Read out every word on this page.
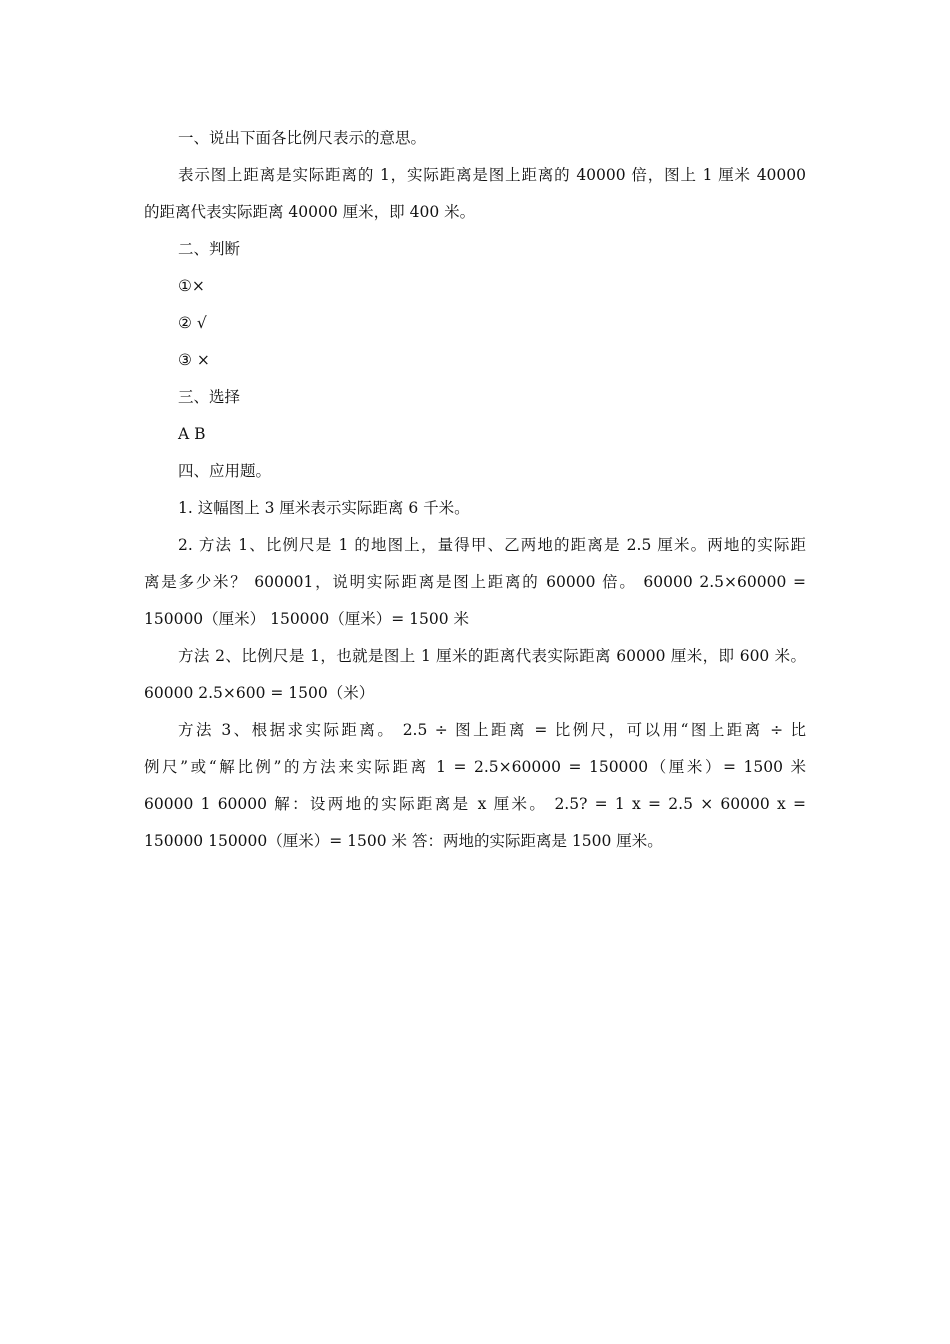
一、说出下面各比例尺表示的意思。
表示图上距离是实际距离的 1，实际距离是图上距离的 40000 倍，图上 1 厘米 40000
的距离代表实际距离 40000 厘米，即 400 米。
二、判断
①×
② √
③ ×
三、选择
A B
四、应用题。
1. 这幅图上 3 厘米表示实际距离 6 千米。
2. 方法 1、比例尺是 1 的地图上，量得甲、乙两地的距离是 2.5 厘米。两地的实际距
离是多少米？ 600001，说明实际距离是图上距离的 60000 倍。 60000 2.5×60000 =
150000（厘米） 150000（厘米）= 1500 米
方法 2、比例尺是 1，也就是图上 1 厘米的距离代表实际距离 60000 厘米，即 600 米。
60000 2.5×600 = 1500（米）
方法 3、根据求实际距离。 2.5 ÷ 图上距离 = 比例尺，可以用“图上距离 ÷ 比
例尺”或“解比例”的方法来实际距离 1 = 2.5×60000 = 150000（厘米）= 1500 米
60000 1 60000 解：设两地的实际距离是 x 厘米。 2.5? = 1 x = 2.5 × 60000 x =
150000 150000（厘米）= 1500 米 答：两地的实际距离是 1500 厘米。
